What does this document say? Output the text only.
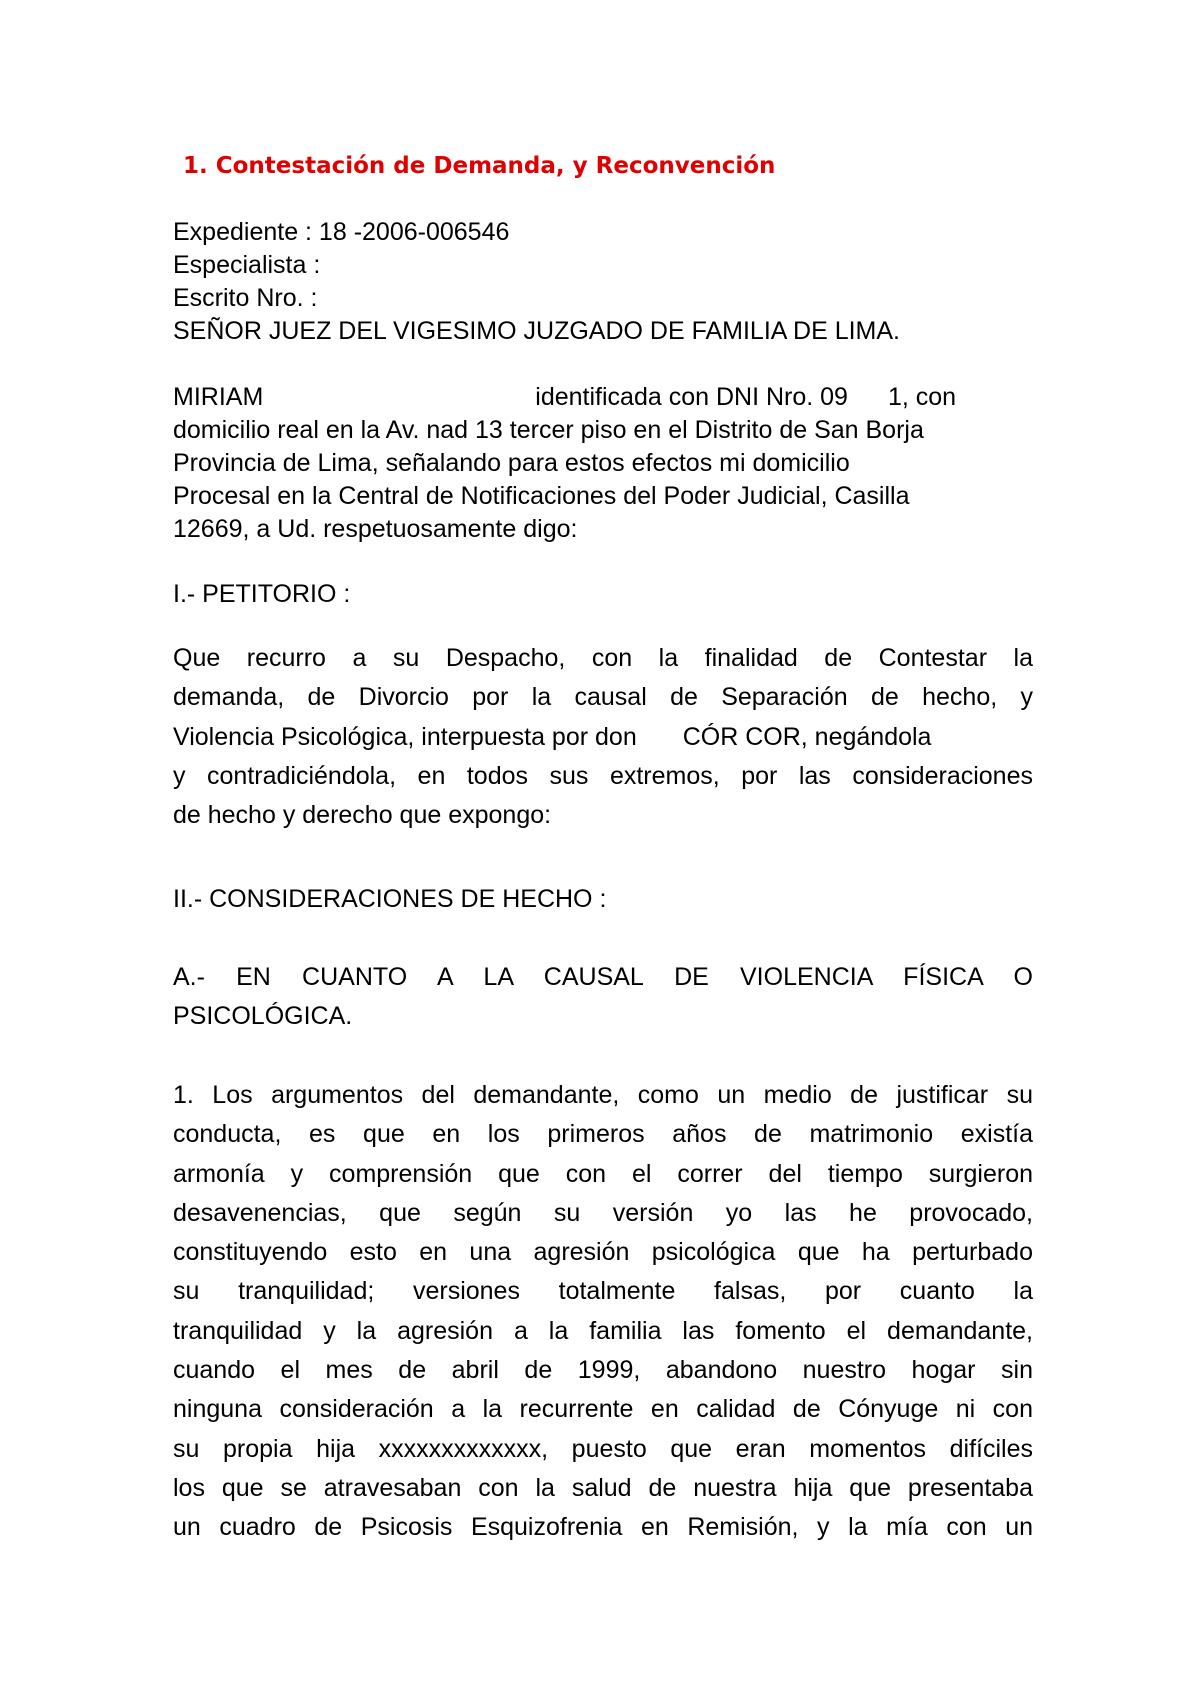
1. Contestación de Demanda, y Reconvención
Expediente : 18 -2006-006546
Especialista :
Escrito Nro. :
SEÑOR JUEZ DEL VIGESIMO JUZGADO DE FAMILIA DE LIMA.
MIRIAM	identificada con DNI Nro. 09 1, con
domicilio real en la Av. nad 13 tercer piso en el Distrito de San Borja
Provincia de Lima, señalando para estos efectos mi domicilio
Procesal en la Central de Notificaciones del Poder Judicial, Casilla
12669, a Ud. respetuosamente digo:
I.- PETITORIO :
Que recurro a su Despacho, con la finalidad de Contestar la
demanda, de Divorcio por la causal de Separación de hecho, y
Violencia Psicológica, interpuesta por don CÓR COR, negándola
y contradiciéndola, en todos sus extremos, por las consideraciones
de hecho y derecho que expongo:
II.- CONSIDERACIONES DE HECHO :
A.- EN CUANTO A LA CAUSAL DE VIOLENCIA FÍSICA O
PSICOLÓGICA.
1. Los argumentos del demandante, como un medio de justificar su
conducta, es que en los primeros años de matrimonio existía
armonía y comprensión que con el correr del tiempo surgieron
desavenencias, que según su versión yo las he provocado,
constituyendo esto en una agresión psicológica que ha perturbado
su tranquilidad; versiones totalmente falsas, por cuanto la
tranquilidad y la agresión a la familia las fomento el demandante,
cuando el mes de abril de 1999, abandono nuestro hogar sin
ninguna consideración a la recurrente en calidad de Cónyuge ni con
su propia hija xxxxxxxxxxxxx, puesto que eran momentos difíciles
los que se atravesaban con la salud de nuestra hija que presentaba
un cuadro de Psicosis Esquizofrenia en Remisión, y la mía con un
